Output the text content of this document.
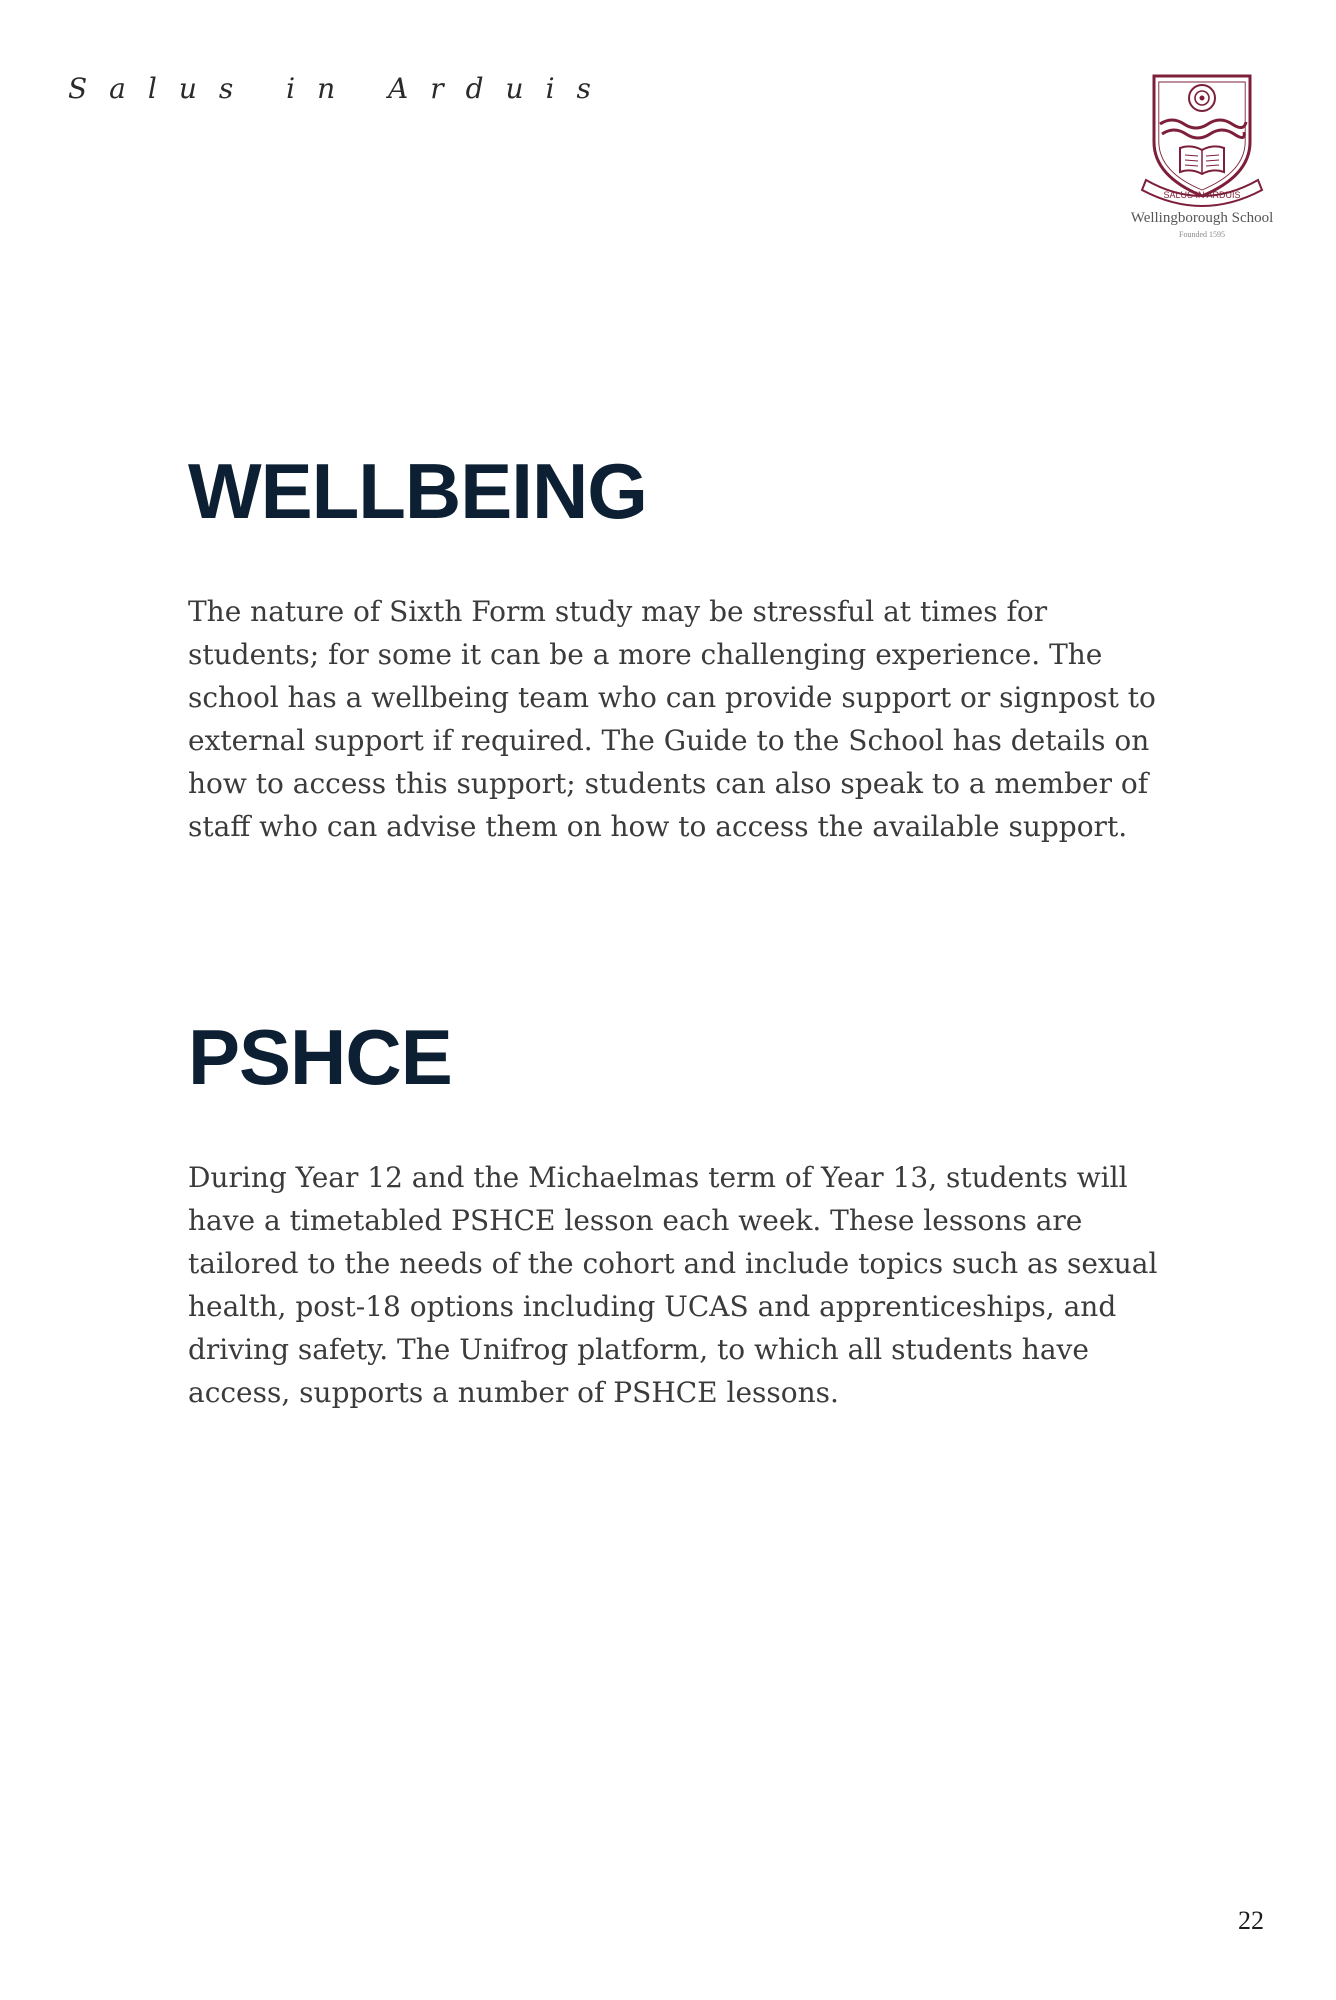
Salus in Arduis
SALUS IN ARDUIS
Wellingborough School
Founded 1595
WELLBEING

The nature of Sixth Form study may be stressful at times for students; for some it can be a more challenging experience. The school has a wellbeing team who can provide support or signpost to external support if required. The Guide to the School has details on how to access this support; students can also speak to a member of staff who can advise them on how to access the available support.

PSHCE

During Year 12 and the Michaelmas term of Year 13, students will have a timetabled PSHCE lesson each week. These lessons are tailored to the needs of the cohort and include topics such as sexual health, post-18 options including UCAS and apprenticeships, and driving safety. The Unifrog platform, to which all students have access, supports a number of PSHCE lessons.

22
